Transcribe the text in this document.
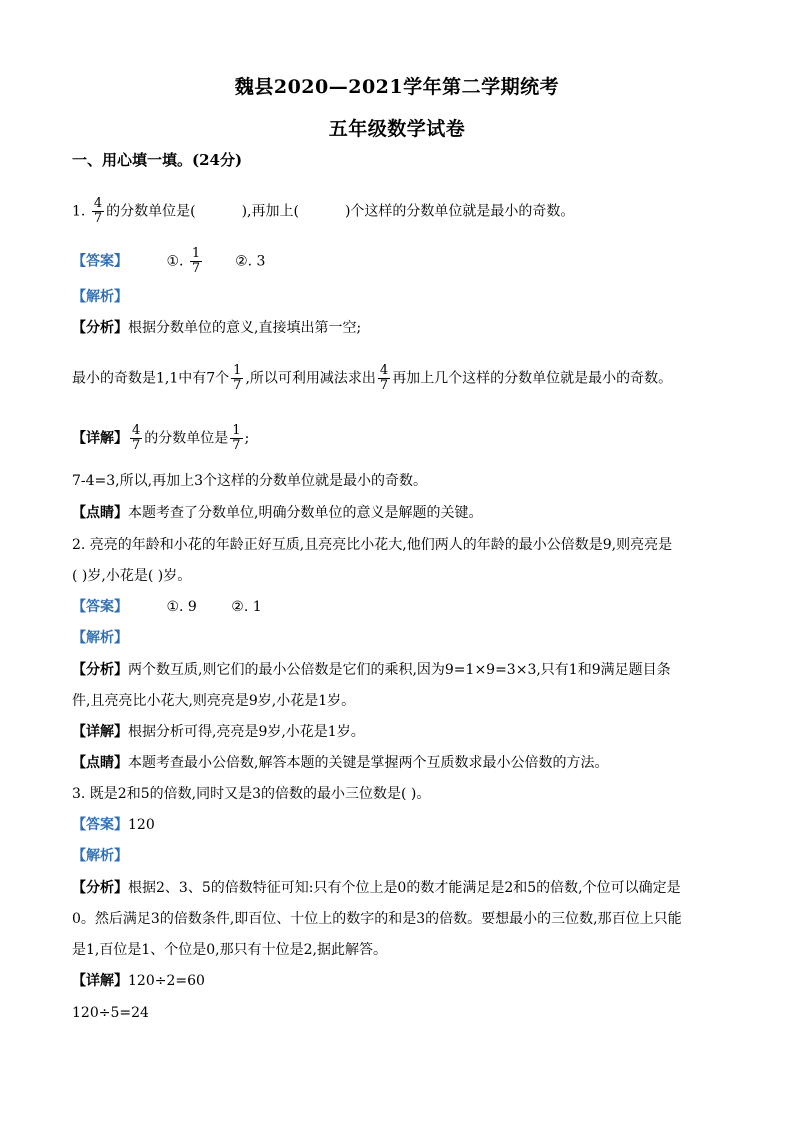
魏县2020—2021学年第二学期统考
五年级数学试卷
一、用心填一填。(24分)
1. $\frac{4}{7}$ 的分数单位是(	),再加上(	)个这样的分数单位就是最小的奇数。
【答案】	①. $\frac{1}{7}$ ②. 3
【解析】
【分析】根据分数单位的意义,直接填出第一空;
最小的奇数是1,1中有7个 $\frac{1}{7}$ ,所以可利用减法求出 $\frac{4}{7}$ 再加上几个这样的分数单位就是最小的奇数。
【详解】 $\frac{4}{7}$ 的分数单位是 $\frac{1}{7}$ ;
7-4=3,所以,再加上3个这样的分数单位就是最小的奇数。
【点睛】本题考查了分数单位,明确分数单位的意义是解题的关键。
2. 亮亮的年龄和小花的年龄正好互质,且亮亮比小花大,他们两人的年龄的最小公倍数是9,则亮亮是
( )岁,小花是( )岁。
【答案】	①. 9 ②. 1
【解析】
【分析】两个数互质,则它们的最小公倍数是它们的乘积,因为9=1×9=3×3,只有1和9满足题目条
件,且亮亮比小花大,则亮亮是9岁,小花是1岁。
【详解】根据分析可得,亮亮是9岁,小花是1岁。
【点睛】本题考查最小公倍数,解答本题的关键是掌握两个互质数求最小公倍数的方法。
3. 既是2和5的倍数,同时又是3的倍数的最小三位数是( )。
【答案】120
【解析】
【分析】根据2、3、5的倍数特征可知:只有个位上是0的数才能满足是2和5的倍数,个位可以确定是
0。然后满足3的倍数条件,即百位、十位上的数字的和是3的倍数。要想最小的三位数,那百位上只能
是1,百位是1、个位是0,那只有十位是2,据此解答。
【详解】120÷2=60
120÷5=24
